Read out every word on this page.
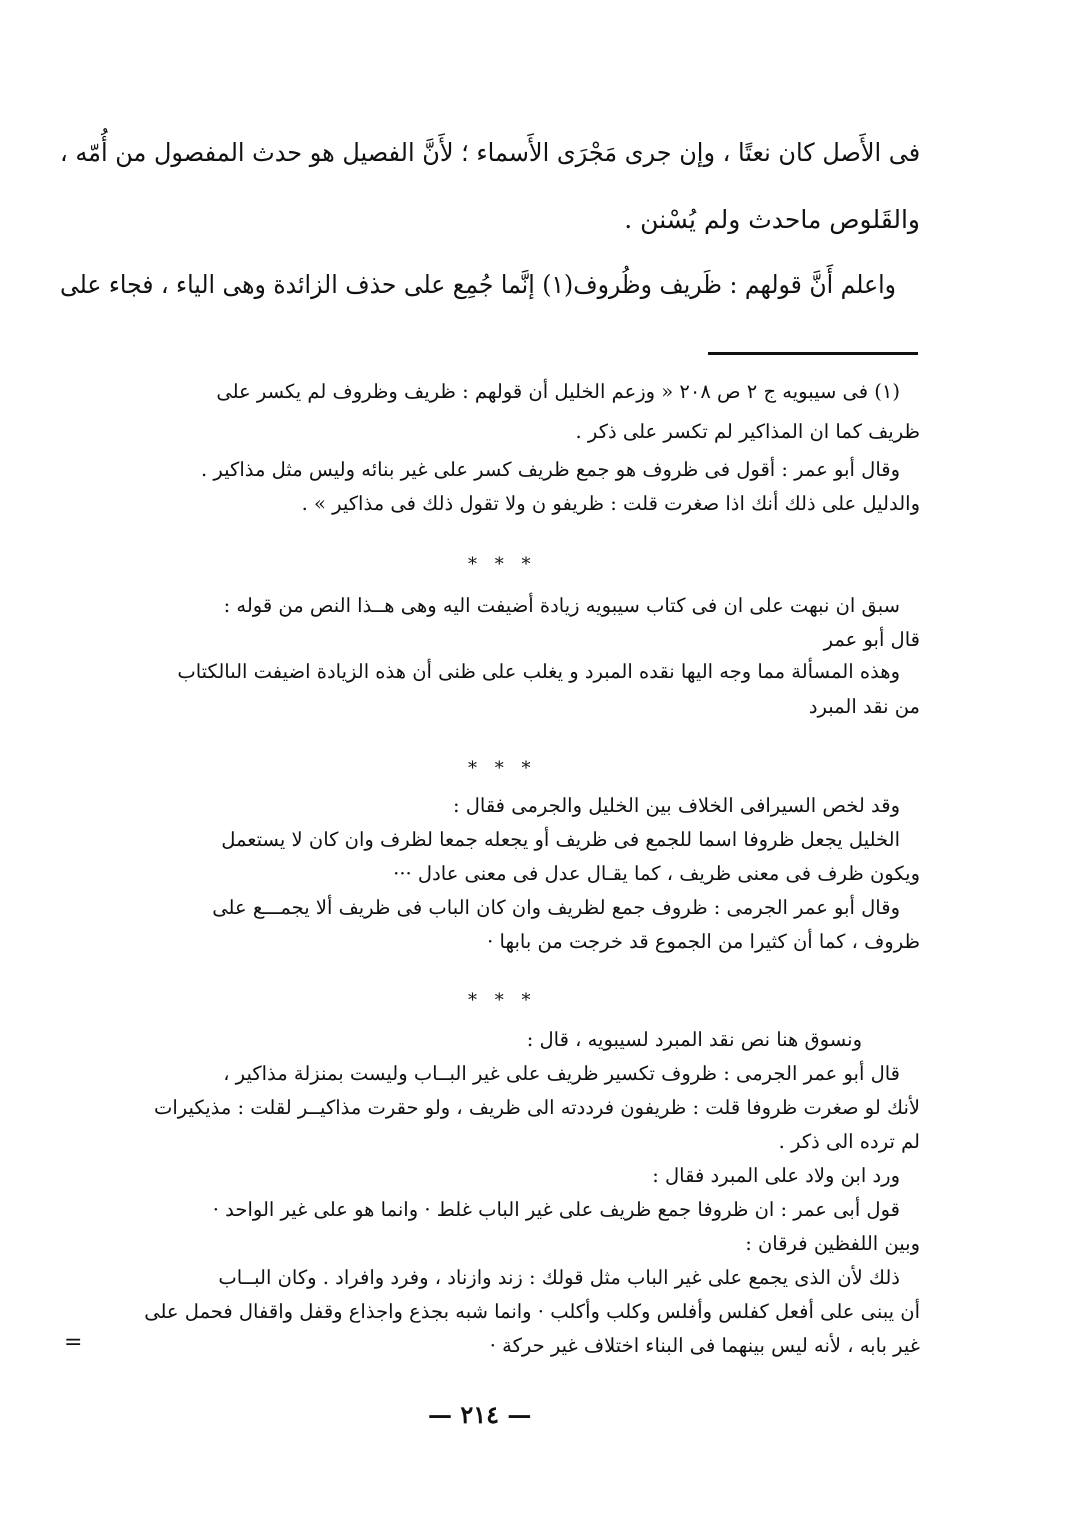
فى الأَصل كان نعتًا ، وإن جرى مَجْرَى الأَسماء ؛ لأَنَّ الفصيل هو حدث المفصول من أُمّه ،
والقَلوص ماحدث ولم يُسْنن .
واعلم أَنَّ قولهم : ظَريف وظُروف(١) إنَّما جُمِع على حذف الزائدة وهى الياء ، فجاء على
(١) فى سيبويه ج ٢ ص ٢٠٨ « وزعم الخليل أن قولهم : ظريف وظروف لم يكسر على
ظريف كما ان المذاكير لم تكسر على ذكر .
وقال أبو عمر : أقول فى ظروف هو جمع ظريف كسر على غير بنائه وليس مثل مذاكير .
والدليل على ذلك أنك اذا صغرت قلت : ظريفو ن ولا تقول ذلك فى مذاكير » .
* * *
سبق ان نبهت على ان فى كتاب سيبويه زيادة أضيفت اليه وهى هــذا النص من قوله :
قال أبو عمر
وهذه المسألة مما وجه اليها نقده المبرد و يغلب على ظنى أن هذه الزيادة اضيفت الىالكتاب
من نقد المبرد
* * *
وقد لخص السيرافى الخلاف بين الخليل والجرمى فقال :
الخليل يجعل ظروفا اسما للجمع فى ظريف أو يجعله جمعا لظرف وان كان لا يستعمل
ويكون ظرف فى معنى ظريف ، كما يقـال عدل فى معنى عادل ···
وقال أبو عمر الجرمى : ظروف جمع لظريف وان كان الباب فى ظريف ألا يجمـــع على
ظروف ، كما أن كثيرا من الجموع قد خرجت من بابها ·
* * *
ونسوق هنا نص نقد المبرد لسيبويه ، قال :
قال أبو عمر الجرمى : ظروف تكسير ظريف على غير البــاب وليست بمنزلة مذاكير ،
لأنك لو صغرت ظروفا قلت : ظريفون فرددته الى ظريف ، ولو حقرت مذاكيــر لقلت : مذيكيرات
لم ترده الى ذكر .
ورد ابن ولاد على المبرد فقال :
قول أبى عمر : ان ظروفا جمع ظريف على غير الباب غلط · وانما هو على غير الواحد ·
وبين اللفظين فرقان :
ذلك لأن الذى يجمع على غير الباب مثل قولك : زند وازناد ، وفرد وافراد . وكان البــاب
أن يبنى على أفعل كفلس وأفلس وكلب وأكلب · وانما شبه بجذع واجذاع وقفل واقفال فحمل على
غير بابه ، لأنه ليس بينهما فى البناء اختلاف غير حركة ·
=
— ٢١٤ —
